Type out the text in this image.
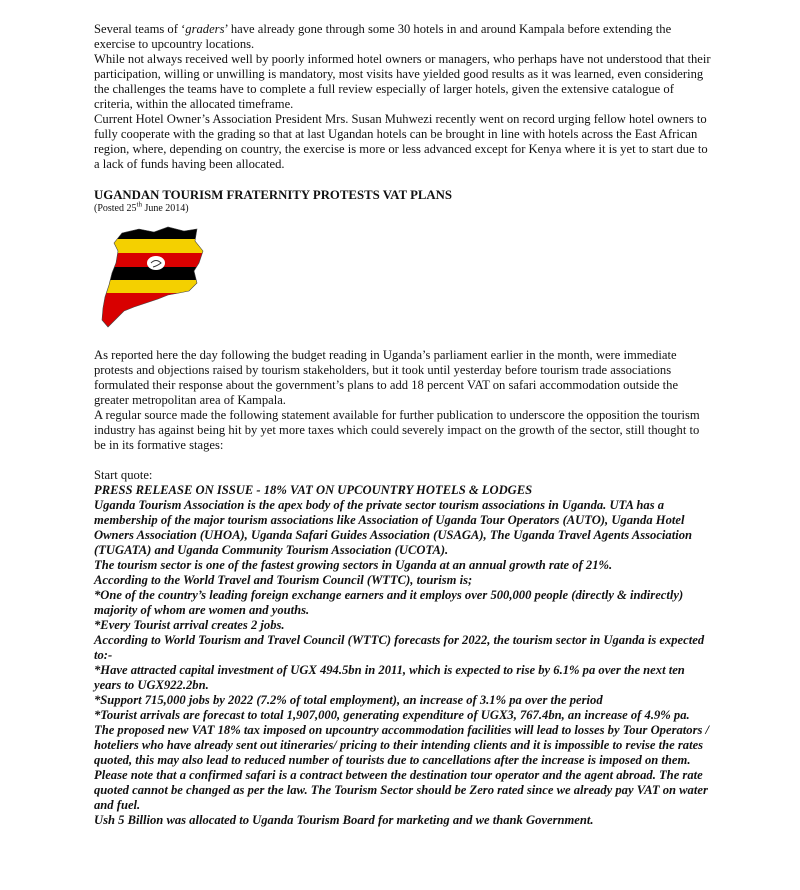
Several teams of ‘graders’ have already gone through some 30 hotels in and around Kampala before extending the exercise to upcountry locations.

While not always received well by poorly informed hotel owners or managers, who perhaps have not understood that their participation, willing or unwilling is mandatory, most visits have yielded good results as it was learned, even considering the challenges the teams have to complete a full review especially of larger hotels, given the extensive catalogue of criteria, within the allocated timeframe.

Current Hotel Owner’s Association President Mrs. Susan Muhwezi recently went on record urging fellow hotel owners to fully cooperate with the grading so that at last Ugandan hotels can be brought in line with hotels across the East African region, where, depending on country, the exercise is more or less advanced except for Kenya where it is yet to start due to a lack of funds having been allocated.

UGANDAN TOURISM FRATERNITY PROTESTS VAT PLANS
(Posted 25th June 2014)

As reported here the day following the budget reading in Uganda’s parliament earlier in the month, were immediate protests and objections raised by tourism stakeholders, but it took until yesterday before tourism trade associations formulated their response about the government’s plans to add 18 percent VAT on safari accommodation outside the greater metropolitan area of Kampala.

A regular source made the following statement available for further publication to underscore the opposition the tourism industry has against being hit by yet more taxes which could severely impact on the growth of the sector, still thought to be in its formative stages:

Start quote:

PRESS RELEASE ON ISSUE - 18% VAT ON UPCOUNTRY HOTELS & LODGES

Uganda Tourism Association is the apex body of the private sector tourism associations in Uganda. UTA has a membership of the major tourism associations like Association of Uganda Tour Operators (AUTO), Uganda Hotel Owners Association (UHOA), Uganda Safari Guides Association (USAGA), The Uganda Travel Agents Association (TUGATA) and Uganda Community Tourism Association (UCOTA).

The tourism sector is one of the fastest growing sectors in Uganda at an annual growth rate of 21%.

According to the World Travel and Tourism Council (WTTC), tourism is;

*One of the country’s leading foreign exchange earners and it employs over 500,000 people (directly & indirectly) majority of whom are women and youths.

*Every Tourist arrival creates 2 jobs.

According to World Tourism and Travel Council (WTTC) forecasts for 2022, the tourism sector in Uganda is expected to:-

*Have attracted capital investment of UGX 494.5bn in 2011, which is expected to rise by 6.1% pa over the next ten years to UGX922.2bn.

*Support 715,000 jobs by 2022 (7.2% of total employment), an increase of 3.1% pa over the period

*Tourist arrivals are forecast to total 1,907,000, generating expenditure of UGX3, 767.4bn, an increase of 4.9% pa.

The proposed new VAT 18% tax imposed on upcountry accommodation facilities will lead to losses by Tour Operators / hoteliers who have already sent out itineraries/ pricing to their intending clients and it is impossible to revise the rates quoted, this may also lead to reduced number of tourists due to cancellations after the increase is imposed on them.

Please note that a confirmed safari is a contract between the destination tour operator and the agent abroad. The rate quoted cannot be changed as per the law. The Tourism Sector should be Zero rated since we already pay VAT on water and fuel.

Ush 5 Billion was allocated to Uganda Tourism Board for marketing and we thank Government.
